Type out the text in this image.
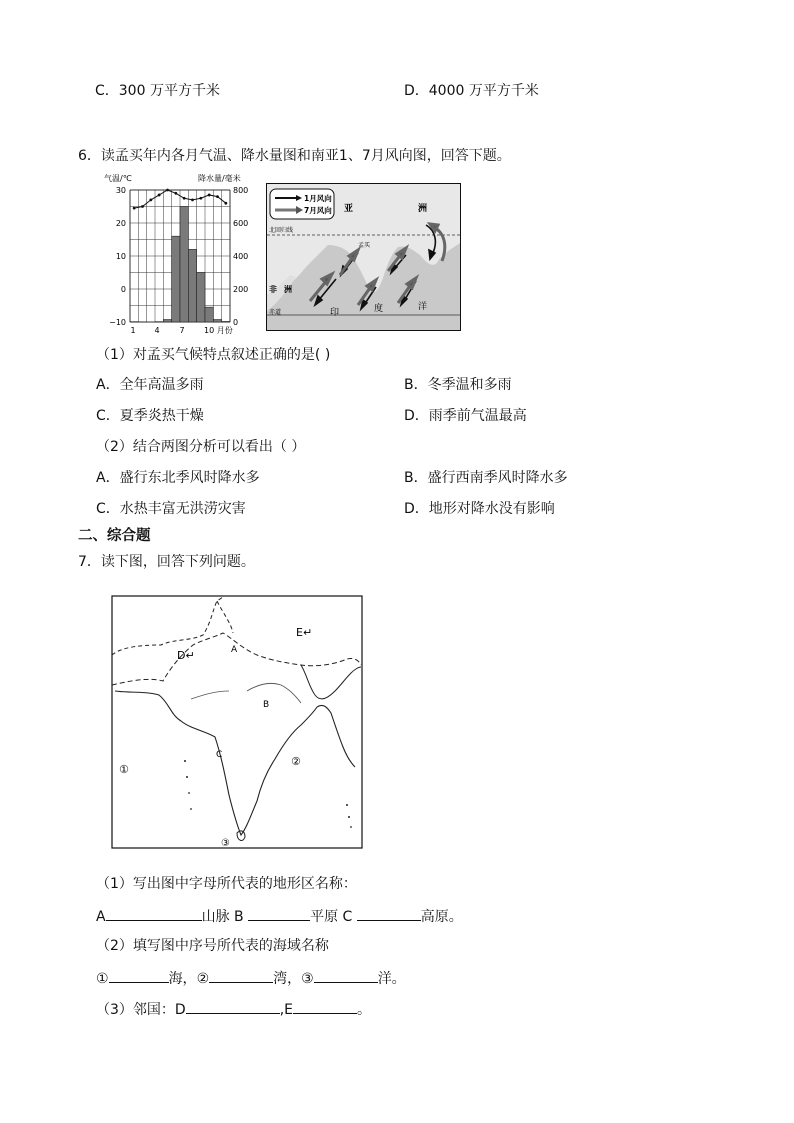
C．300 万平方千米	D．4000 万平方千米
6．读孟买年内各月气温、降水量图和南亚1、7月风向图，回答下题。
气温/℃	降水量/毫米
30
20
10
0
−10
800
600
400
200
0
1 4 7 10 月份
1月风向
7月风向 亚	洲
北回归线
非 洲
赤道	印	度	洋
孟买
（1）对孟买气候特点叙述正确的是( )
A．全年高温多雨	B．冬季温和多雨
C．夏季炎热干燥	D．雨季前气温最高
（2）结合两图分析可以看出（ ）
A．盛行东北季风时降水多	B．盛行西南季风时降水多
C．水热丰富无洪涝灾害	D．地形对降水没有影响
二、综合题
7．读下图，回答下列问题。
E↵
D↵	A
B
C
①
②
③
（1）写出图中字母所代表的地形区名称：
A	山脉 B	平原 C	高原。
（2）填写图中序号所代表的海域名称
①	海，②	湾，③	洋。
（3）邻国：D	,E	。
